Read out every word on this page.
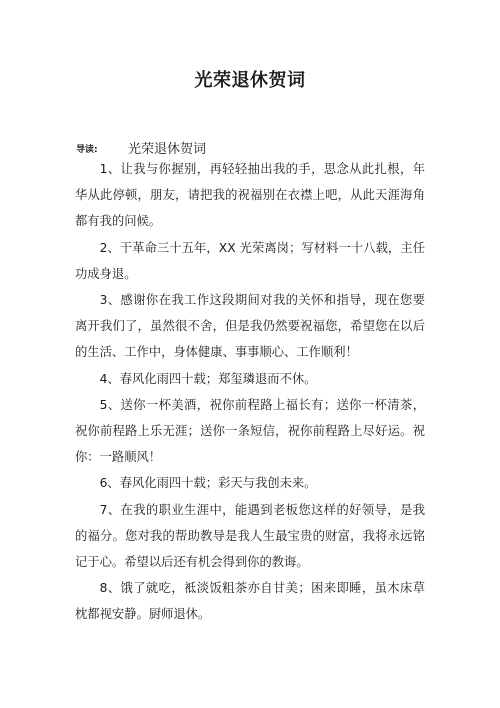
光荣退休贺词
导读: 光荣退休贺词

1、让我与你握别，再轻轻抽出我的手，思念从此扎根，年华从此停顿，朋友，请把我的祝福别在衣襟上吧，从此天涯海角都有我的问候。

2、干革命三十五年，XX 光荣离岗；写材料一十八载，主任功成身退。

3、感谢你在我工作这段期间对我的关怀和指导，现在您要离开我们了，虽然很不舍，但是我仍然要祝福您，希望您在以后的生活、工作中，身体健康、事事顺心、工作顺利！

4、春风化雨四十载；郑玺璘退而不休。

5、送你一杯美酒，祝你前程路上福长有；送你一杯清茶，祝你前程路上乐无涯；送你一条短信，祝你前程路上尽好运。祝你：一路顺风！

6、春风化雨四十载；彩天与我创未来。

7、在我的职业生涯中，能遇到老板您这样的好领导，是我的福分。您对我的帮助教导是我人生最宝贵的财富，我将永远铭记于心。希望以后还有机会得到你的教诲。

8、饿了就吃，袛淡饭粗茶亦自甘美；困来即睡，虽木床草枕都视安静。厨师退休。
